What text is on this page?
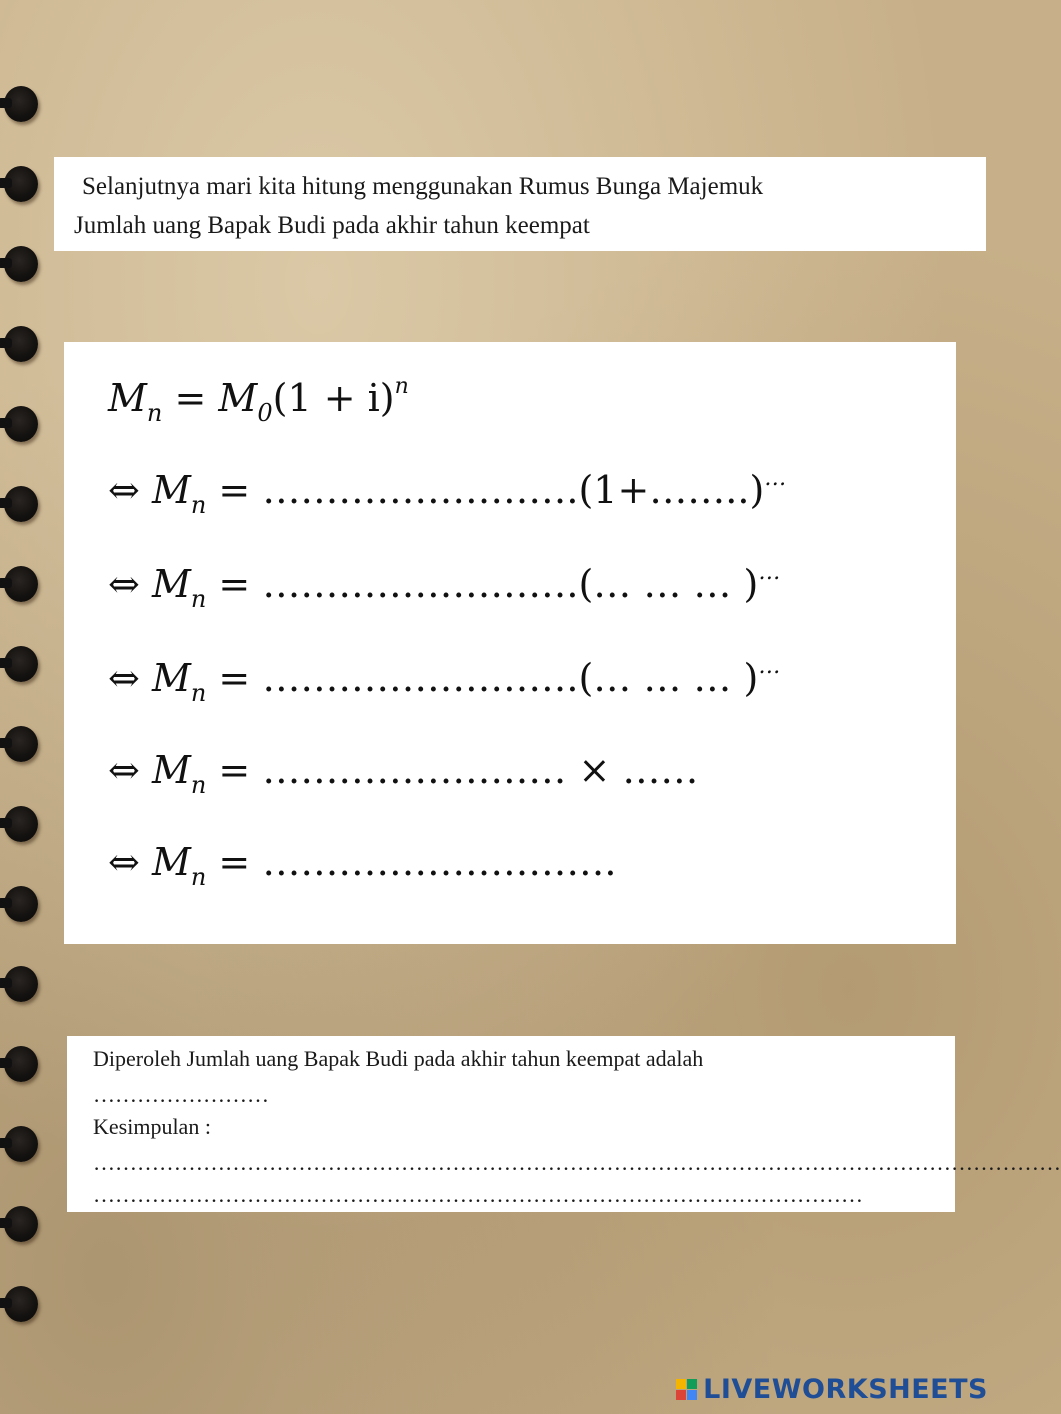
Selanjutnya mari kita hitung menggunakan Rumus Bunga Majemuk
Jumlah uang Bapak Budi pada akhir tahun keempat
$M_n = M_0(1 + i)^n$
⇔ $M_n$ = …………………….(1+……..)…
⇔ $M_n$ = …………………….(… … … )…
⇔ $M_n$ = …………………….(… … … )…
⇔ $M_n$ = …………………… × ……
⇔ $M_n$ = ……………………….
Diperoleh Jumlah uang Bapak Budi pada akhir tahun keempat adalah
……………………
Kesimpulan :
……………………………………………………………………………………………………………………
……………………………………………………………………………………………
LIVEWORKSHEETS
